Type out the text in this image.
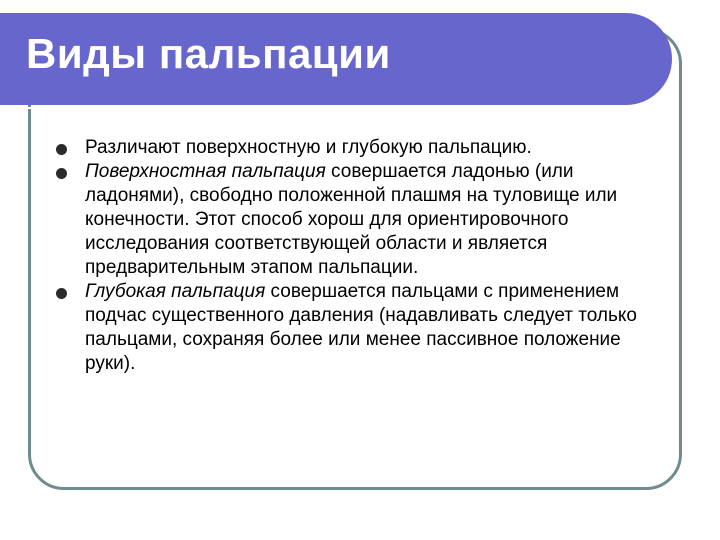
Виды пальпации
Различают поверхностную и глубокую пальпацию.
Поверхностная пальпация совершается ладонью (или ладонями), свободно положенной плашмя на туловище или конечности. Этот способ хорош для ориентировочного исследования соответствующей области и является предварительным этапом пальпации.
Глубокая пальпация совершается пальцами с применением подчас существенного давления (надавливать следует только пальцами, сохраняя более или менее пассивное положение руки).
